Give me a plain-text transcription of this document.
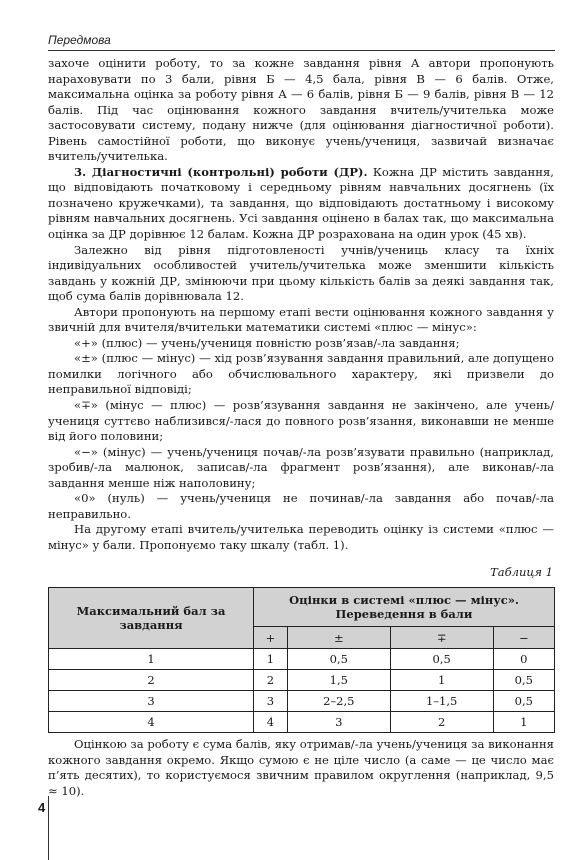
Передмова

захоче оцінити роботу, то за кожне завдання рівня А автори пропонують нараховувати по 3 бали, рівня Б — 4,5 бала, рівня В — 6 балів. Отже, максимальна оцінка за роботу рівня А — 6 балів, рівня Б — 9 балів, рівня В — 12 балів. Під час оцінювання кожного завдання вчитель/учителька може застосовувати систему, подану нижче (для оцінювання діагностичної роботи). Рівень самостійної роботи, що виконує учень/учениця, зазвичай визначає вчитель/учителька.

3. Діагностичні (контрольні) роботи (ДР). Кожна ДР містить завдання, що відповідають початковому і середньому рівням навчальних досягнень (їх позначено кружечками), та завдання, що відповідають достатньому і високому рівням навчальних досягнень. Усі завдання оцінено в балах так, що максимальна оцінка за ДР дорівнює 12 балам. Кожна ДР розрахована на один урок (45 хв).

Залежно від рівня підготовленості учнів/учениць класу та їхніх індивідуальних особливостей учитель/учителька може зменшити кількість завдань у кожній ДР, змінюючи при цьому кількість балів за деякі завдання так, щоб сума балів дорівнювала 12.

Автори пропонують на першому етапі вести оцінювання кожного завдання у звичній для вчителя/вчительки математики системі «плюс — мінус»:

«+» (плюс) — учень/учениця повністю розв’язав/-ла завдання;

«±» (плюс — мінус) — хід розв’язування завдання правильний, але допущено помилки логічного або обчислювального характеру, які призвели до неправильної відповіді;

«∓» (мінус — плюс) — розв’язування завдання не закінчено, але учень/учениця суттєво наблизився/-лася до повного розв’язання, виконавши не менше від його половини;

«−» (мінус) — учень/учениця почав/-ла розв’язувати правильно (наприклад, зробив/-ла малюнок, записав/-ла фрагмент розв’язання), але виконав/-ла завдання менше ніж наполовину;

«0» (нуль) — учень/учениця не починав/-ла завдання або почав/-ла неправильно.

На другому етапі вчитель/учителька переводить оцінку із системи «плюс — мінус» у бали. Пропонуємо таку шкалу (табл. 1).

Таблиця 1
Максимальний бал за завдання	Оцінки в системі «плюс — мінус». Переведення в бали			
	+	±	∓	−
1	1	0,5	0,5	0
2	2	1,5	1	0,5
3	3	2–2,5	1–1,5	0,5
4	4	3	2	1

Оцінкою за роботу є сума балів, яку отримав/-ла учень/учениця за виконання кожного завдання окремо. Якщо сумою є не ціле число (а саме — це число має п’ять десятих), то користуємося звичним правилом округлення (наприклад, 9,5 ≈ 10).

4
